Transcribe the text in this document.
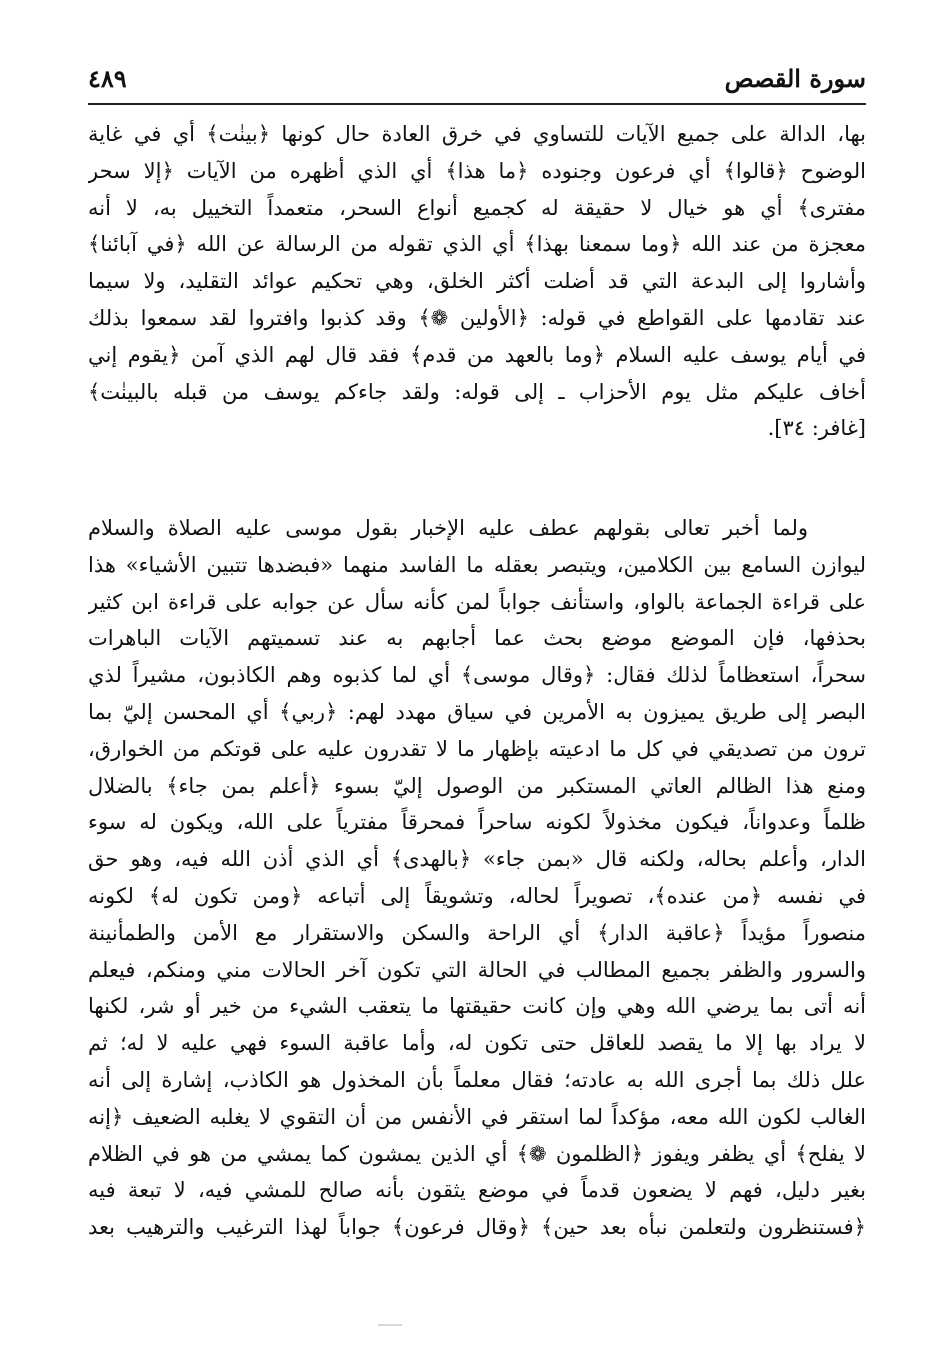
سورة القصص
٤٨٩
بها، الدالة على جميع الآيات للتساوي في خرق العادة حال كونها ﴿بينٰت﴾ أي في غاية
الوضوح ﴿قالوا﴾ أي فرعون وجنوده ﴿ما هذا﴾ أي الذي أظهره من الآيات ﴿إلا سحر
مفترى﴾ أي هو خيال لا حقيقة له كجميع أنواع السحر، متعمداً التخييل به، لا أنه
معجزة من عند الله ﴿وما سمعنا بهذا﴾ أي الذي تقوله من الرسالة عن الله ﴿في آبائنا﴾
وأشاروا إلى البدعة التي قد أضلت أكثر الخلق، وهي تحكيم عوائد التقليد، ولا سيما
عند تقادمها على القواطع في قوله: ﴿الأولين ❁﴾ وقد كذبوا وافتروا لقد سمعوا بذلك
في أيام يوسف عليه السلام ﴿وما بالعهد من قدم﴾ فقد قال لهم الذي آمن ﴿يقوم إني
أخاف عليكم مثل يوم الأحزاب ـ إلى قوله: ولقد جاءكم يوسف من قبله بالبينٰت﴾
[غافر: ٣٤].
ولما أخبر تعالى بقولهم عطف عليه الإخبار بقول موسى عليه الصلاة والسلام
ليوازن السامع بين الكلامين، ويتبصر بعقله ما الفاسد منهما «فبضدها تتبين الأشياء» هذا
على قراءة الجماعة بالواو، واستأنف جواباً لمن كأنه سأل عن جوابه على قراءة ابن كثير
بحذفها، فإن الموضع موضع بحث عما أجابهم به عند تسميتهم الآيات الباهرات
سحراً، استعظاماً لذلك فقال: ﴿وقال موسى﴾ أي لما كذبوه وهم الكاذبون، مشيراً لذي
البصر إلى طريق يميزون به الأمرين في سياق مهدد لهم: ﴿ربي﴾ أي المحسن إليّ بما
ترون من تصديقي في كل ما ادعيته بإظهار ما لا تقدرون عليه على قوتكم من الخوارق،
ومنع هذا الظالم العاتي المستكبر من الوصول إليّ بسوء ﴿أعلم بمن جاء﴾ بالضلال
ظلماً وعدواناً، فيكون مخذولاً لكونه ساحراً فمحرقاً مفترياً على الله، ويكون له سوء
الدار، وأعلم بحاله، ولكنه قال «بمن جاء» ﴿بالهدى﴾ أي الذي أذن الله فيه، وهو حق
في نفسه ﴿من عنده﴾، تصويراً لحاله، وتشويقاً إلى أتباعه ﴿ومن تكون له﴾ لكونه
منصوراً مؤيداً ﴿عاقبة الدار﴾ أي الراحة والسكن والاستقرار مع الأمن والطمأنينة
والسرور والظفر بجميع المطالب في الحالة التي تكون آخر الحالات مني ومنكم، فيعلم
أنه أتى بما يرضي الله وهي وإن كانت حقيقتها ما يتعقب الشيء من خير أو شر، لكنها
لا يراد بها إلا ما يقصد للعاقل حتى تكون له، وأما عاقبة السوء فهي عليه لا له؛ ثم
علل ذلك بما أجرى الله به عادته؛ فقال معلماً بأن المخذول هو الكاذب، إشارة إلى أنه
الغالب لكون الله معه، مؤكداً لما استقر في الأنفس من أن التقوي لا يغلبه الضعيف ﴿إنه
لا يفلح﴾ أي يظفر ويفوز ﴿الظلمون ❁﴾ أي الذين يمشون كما يمشي من هو في الظلام
بغير دليل، فهم لا يضعون قدماً في موضع يثقون بأنه صالح للمشي فيه، لا تبعة فيه
﴿فستنظرون ولتعلمن نبأه بعد حين﴾ ﴿وقال فرعون﴾ جواباً لهذا الترغيب والترهيب بعد
